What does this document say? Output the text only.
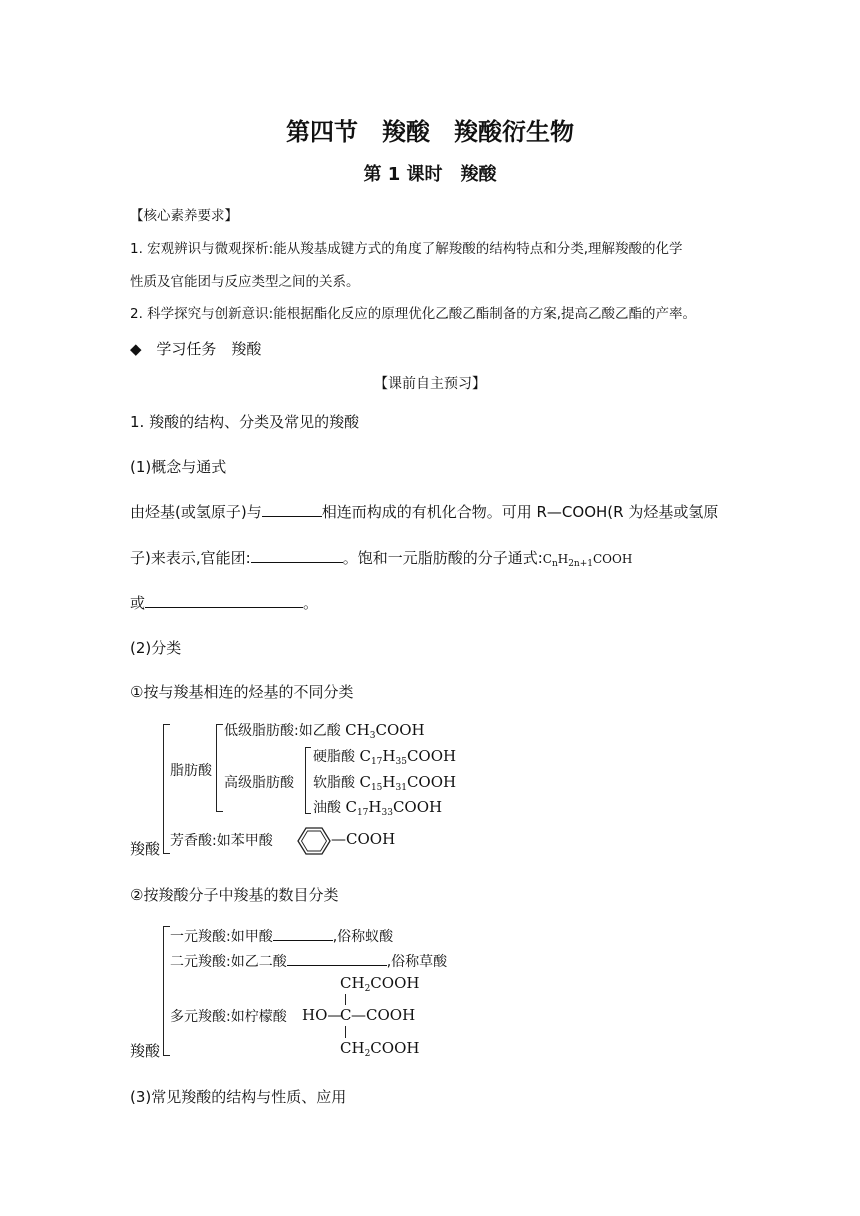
第四节　羧酸　羧酸衍生物
第 1 课时　羧酸
【核心素养要求】
1. 宏观辨识与微观探析:能从羧基成键方式的角度了解羧酸的结构特点和分类,理解羧酸的化学
性质及官能团与反应类型之间的关系。
2. 科学探究与创新意识:能根据酯化反应的原理优化乙酸乙酯制备的方案,提高乙酸乙酯的产率。
◆ 学习任务　羧酸
【课前自主预习】
1. 羧酸的结构、分类及常见的羧酸
(1)概念与通式
由烃基(或氢原子)与	相连而构成的有机化合物。可用 R—COOH(R 为烃基或氢原
子)来表示,官能团:	。饱和一元脂肪酸的分子通式$:C_nH_{2n+1}COOH$
或	。
(2)分类
①按与羧基相连的烃基的不同分类
羧酸
脂肪酸
低级脂肪酸:如乙酸 $CH_3COOH$
高级脂肪酸
硬脂酸 $C_{17}H_{35}COOH$
软脂酸 $C_{15}H_{31}COOH$
油酸 $C_{17}H_{33}COOH$
芳香酸:如苯甲酸	—COOH
②按羧酸分子中羧基的数目分类
羧酸
一元羧酸:如甲酸	,俗称蚁酸
二元羧酸:如乙二酸	,俗称草酸
多元羧酸:如柠檬酸
$CH_2COOH$
HO—
C —COOH
$CH_2COOH$
(3)常见羧酸的结构与性质、应用
